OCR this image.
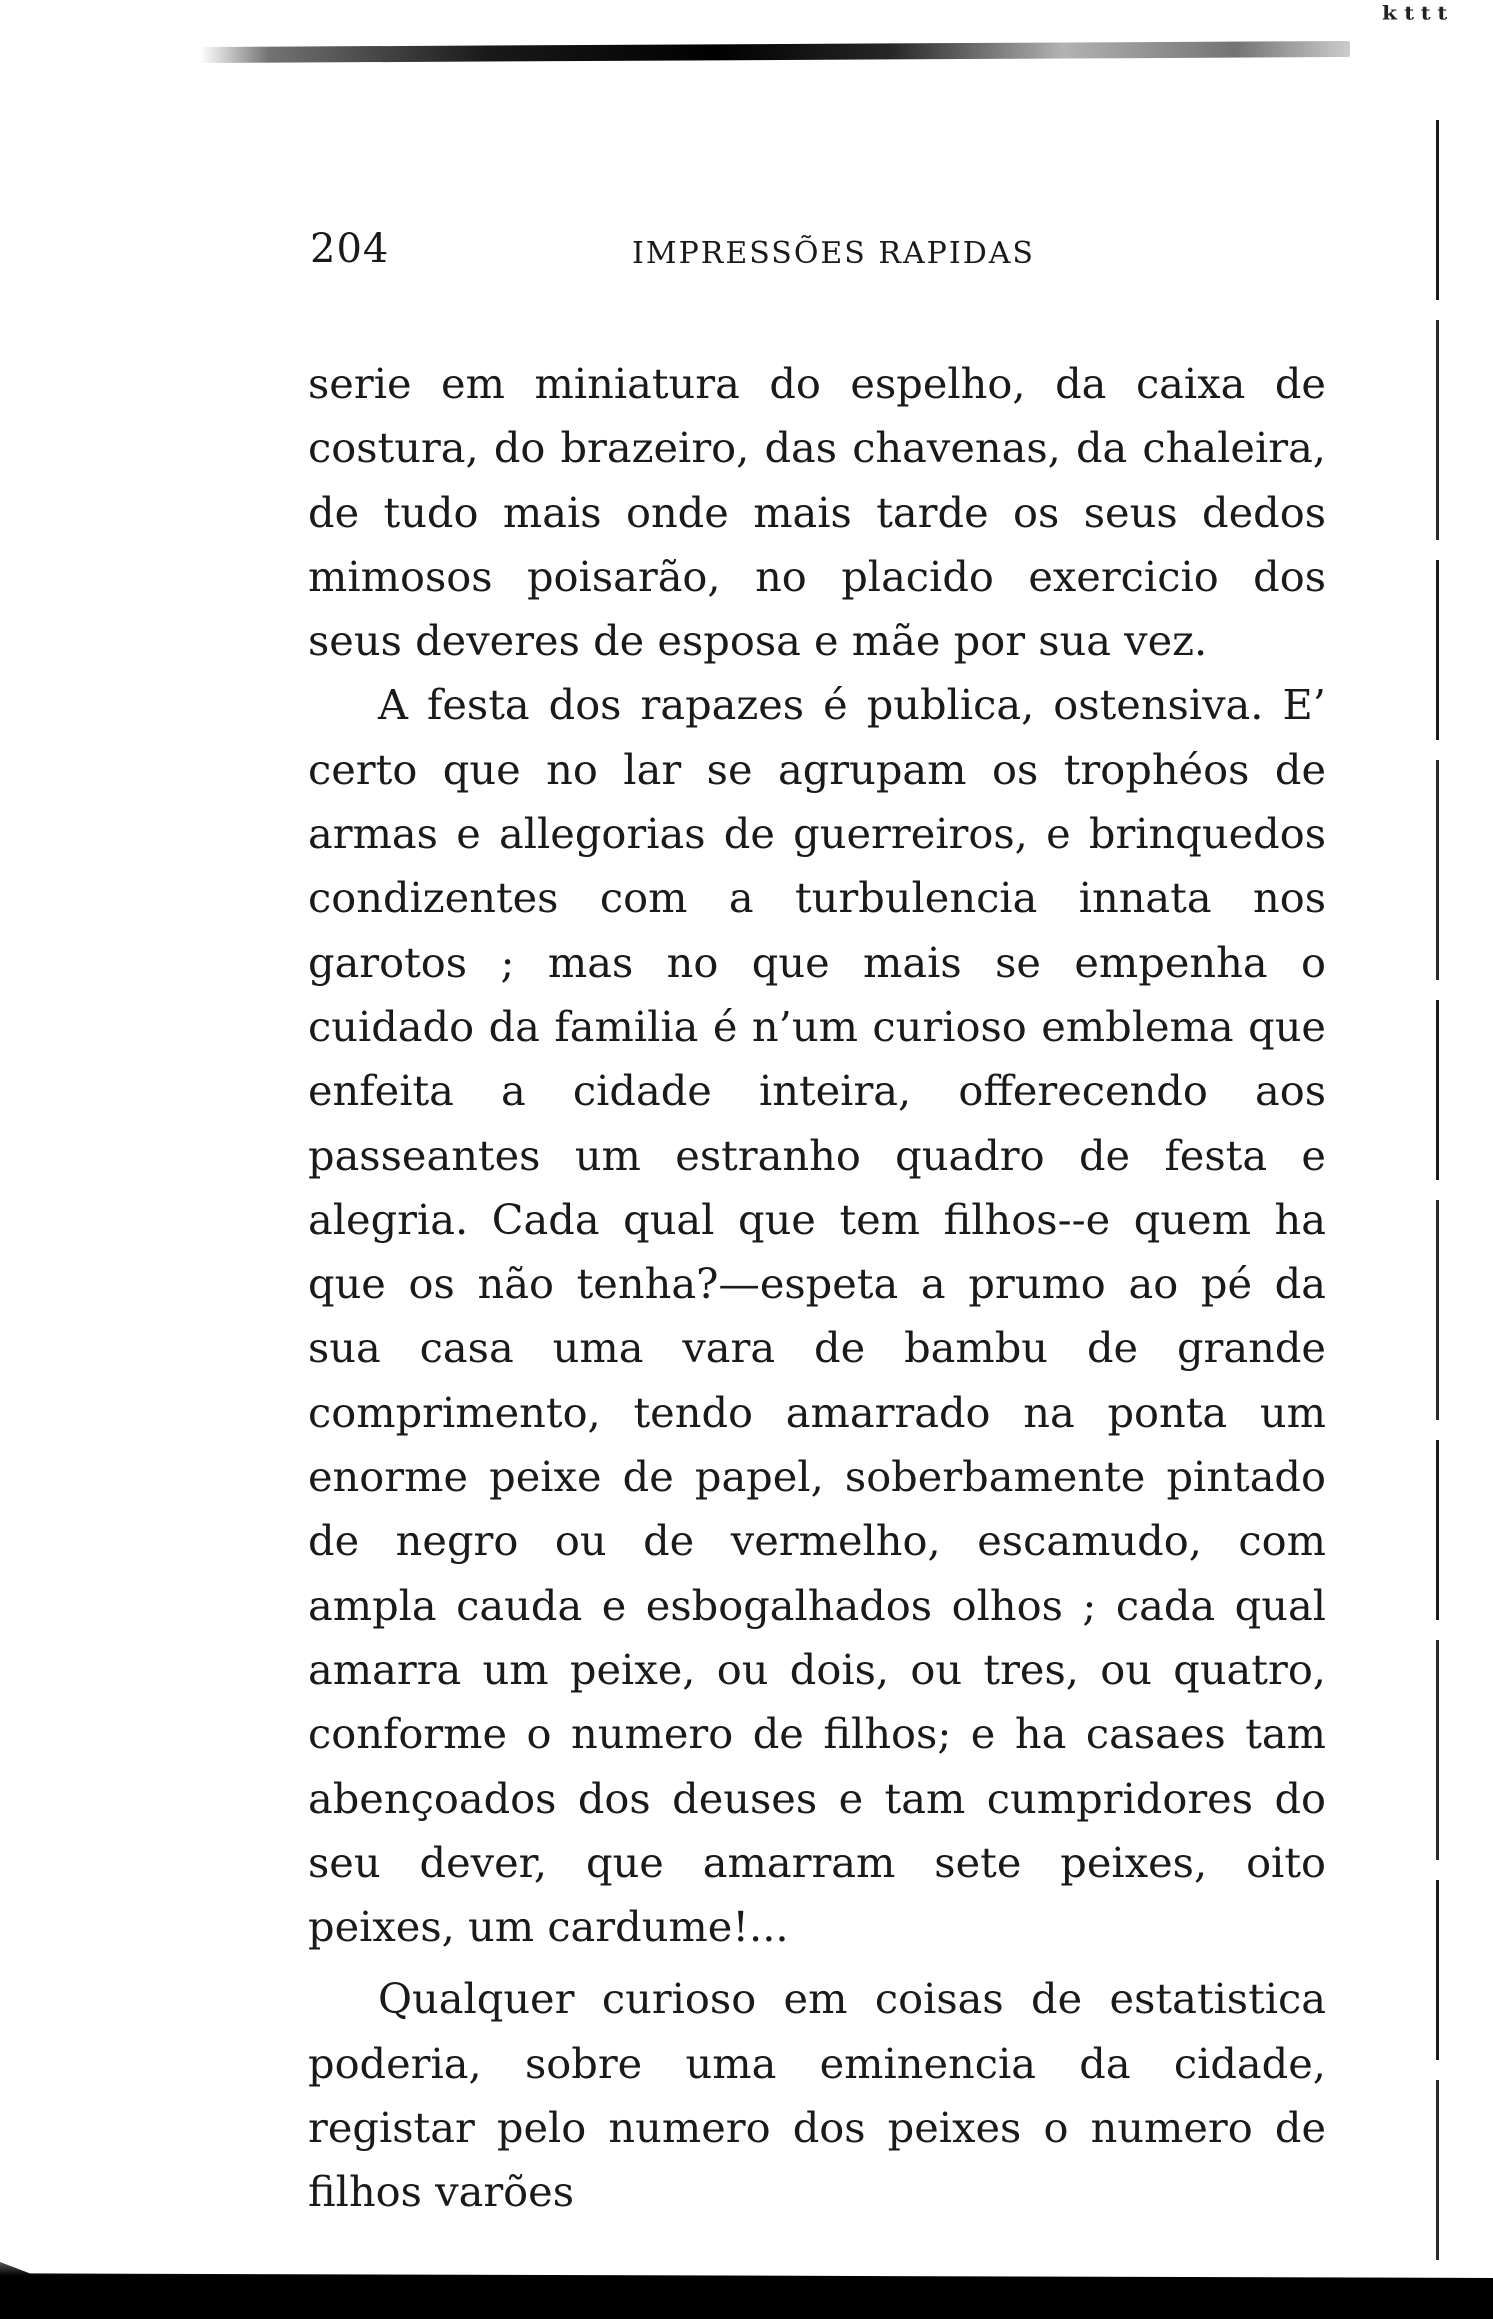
ᵏᵗᵗᵗ
204	IMPRESSÕES RAPIDAS

serie em miniatura do espelho, da caixa de costura, do brazeiro, das chavenas, da chaleira, de tudo mais onde mais tarde os seus dedos mimosos poisarão, no placido exercicio dos seus deveres de esposa e mãe por sua vez.

A festa dos rapazes é publica, ostensiva. E’ certo que no lar se agrupam os trophéos de armas e allegorias de guerreiros, e brinquedos condizentes com a turbulencia innata nos garotos ; mas no que mais se empenha o cuidado da familia é n’um curioso emblema que enfeita a cidade inteira, offerecendo aos passeantes um estranho quadro de festa e alegria. Cada qual que tem filhos--e quem ha que os não tenha?—espeta a prumo ao pé da sua casa uma vara de bambu de grande comprimento, tendo amarrado na ponta um enorme peixe de papel, soberbamente pintado de negro ou de vermelho, escamudo, com ampla cauda e esbogalhados olhos ; cada qual amarra um peixe, ou dois, ou tres, ou quatro, conforme o numero de filhos; e ha casaes tam abençoados dos deuses e tam cumpridores do seu dever, que amarram sete peixes, oito peixes, um cardume!...

Qualquer curioso em coisas de estatistica poderia, sobre uma eminencia da cidade, registar pelo numero dos peixes o numero de filhos varões
